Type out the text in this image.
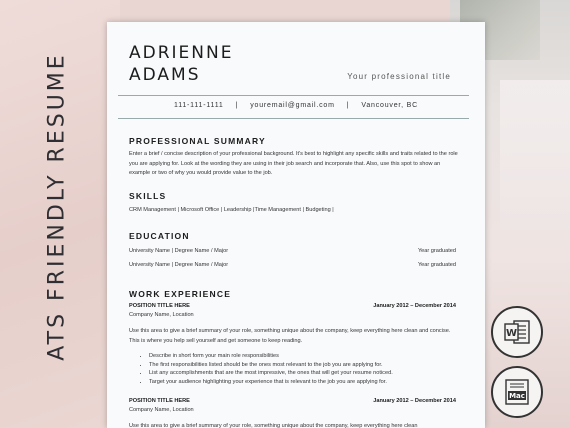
ATS FRIENDLY RESUME	ADRIENNE
ADAMS	Your professional title
111-111-1111 | youremail@gmail.com | Vancouver, BC
PROFESSIONAL SUMMARY
Enter a brief / concise description of your professional background. It's best to highlight any specific skills and traits related to the role you are applying for. Look at the wording they are using in their job search and incorporate that. Also, use this spot to show an example or two of why you would provide value to the job.
SKILLS
CRM Management | Microsoft Office | Leadership |Time Management | Budgeting |
EDUCATION
University Name | Degree Name / Major	Year graduated
University Name | Degree Name / Major	Year graduated
WORK EXPERIENCE
POSITION TITLE HERE	January 2012 – December 2014
Company Name, Location
Use this area to give a brief summary of your role, something unique about the company, keep everything here clean and concise. This is where you help sell yourself and get someone to keep reading.
• Describe in short form your main role responsibilities
• The first responsibilities listed should be the ones most relevant to the job you are applying for.
• List any accomplishments that are the most impressive, the ones that will get your resume noticed.
• Target your audience highlighting your experience that is relevant to the job you are applying for.
POSITION TITLE HERE	January 2012 – December 2014
Company Name, Location
Use this area to give a brief summary of your role, something unique about the company, keep everything here clean
W
Mac
